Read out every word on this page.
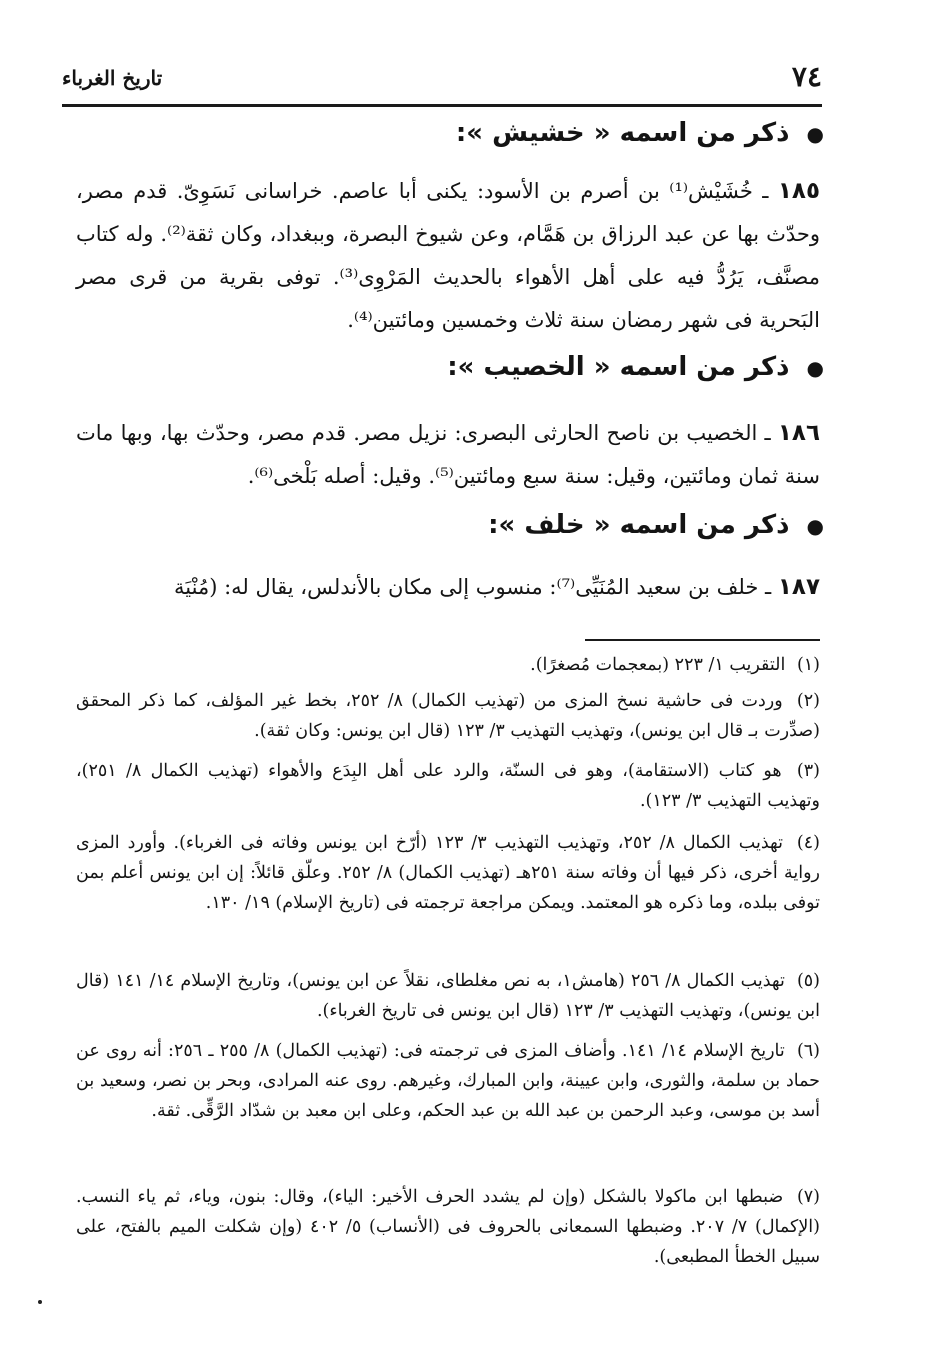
٧٤
تاريخ الغرباء
● ذكر من اسمه « خشيش »:
١٨٥ ـ خُشَيْش⁽¹⁾ بن أصرم بن الأسود: يكنى أبا عاصم. خراسانى نَسَوِىّ. قدم مصر، وحدّث بها عن عبد الرزاق بن هَمَّام، وعن شيوخ البصرة، وببغداد، وكان ثقة⁽²⁾. وله كتاب مصنَّف، يَرُدُّ فيه على أهل الأهواء بالحديث المَرْوِى⁽³⁾. توفى بقرية من قرى مصر البَحرية فى شهر رمضان سنة ثلاث وخمسين ومائتين⁽⁴⁾.
● ذكر من اسمه « الخصيب »:
١٨٦ ـ الخصيب بن ناصح الحارثى البصرى: نزيل مصر. قدم مصر، وحدّث بها، وبها مات سنة ثمان ومائتين، وقيل: سنة سبع ومائتين⁽⁵⁾. وقيل: أصله بَلْخى⁽⁶⁾.
● ذكر من اسمه « خلف »:
١٨٧ ـ خلف بن سعيد المُنَيِّى⁽⁷⁾: منسوب إلى مكان بالأندلس، يقال له: (مُنْيَة
(١) التقريب ١/ ٢٢٣ (بمعجمات مُصغرًا).
(٢) وردت فى حاشية نسخ المزى من (تهذيب الكمال) ٨/ ٢٥٢، بخط غير المؤلف، كما ذكر المحقق (صدِّرت بـ قال ابن يونس)، وتهذيب التهذيب ٣/ ١٢٣ (قال ابن يونس: وكان ثقة).
(٣) هو كتاب (الاستقامة)، وهو فى السنّة، والرد على أهل البِدَع والأهواء (تهذيب الكمال ٨/ ٢٥١)، وتهذيب التهذيب ٣/ ١٢٣).
(٤) تهذيب الكمال ٨/ ٢٥٢، وتهذيب التهذيب ٣/ ١٢٣ (أرّخ ابن يونس وفاته فى الغرباء). وأورد المزى رواية أخرى، ذكر فيها أن وفاته سنة ٢٥١هـ (تهذيب الكمال) ٨/ ٢٥٢. وعلّق قائلاً: إن ابن يونس أعلم بمن توفى ببلده، وما ذكره هو المعتمد. ويمكن مراجعة ترجمته فى (تاريخ الإسلام) ١٩/ ١٣٠.
(٥) تهذيب الكمال ٨/ ٢٥٦ (هامش١، به نص مغلطاى، نقلاً عن ابن يونس)، وتاريخ الإسلام ١٤/ ١٤١ (قال ابن يونس)، وتهذيب التهذيب ٣/ ١٢٣ (قال ابن يونس فى تاريخ الغرباء).
(٦) تاريخ الإسلام ١٤/ ١٤١. وأضاف المزى فى ترجمته فى: (تهذيب الكمال) ٨/ ٢٥٥ ـ ٢٥٦: أنه روى عن حماد بن سلمة، والثورى، وابن عيينة، وابن المبارك، وغيرهم. روى عنه المرادى، وبحر بن نصر، وسعيد بن أسد بن موسى، وعبد الرحمن بن عبد الله بن عبد الحكم، وعلى ابن معبد بن شدّاد الرَّقِّى. ثقة.
(٧) ضبطها ابن ماكولا بالشكل (وإن لم يشدد الحرف الأخير: الياء)، وقال: بنون، وياء، ثم ياء النسب. (الإكمال) ٧/ ٢٠٧. وضبطها السمعانى بالحروف فى (الأنساب) ٥/ ٤٠٢ (وإن شكلت الميم بالفتح، على سبيل الخطأ المطبعى).
